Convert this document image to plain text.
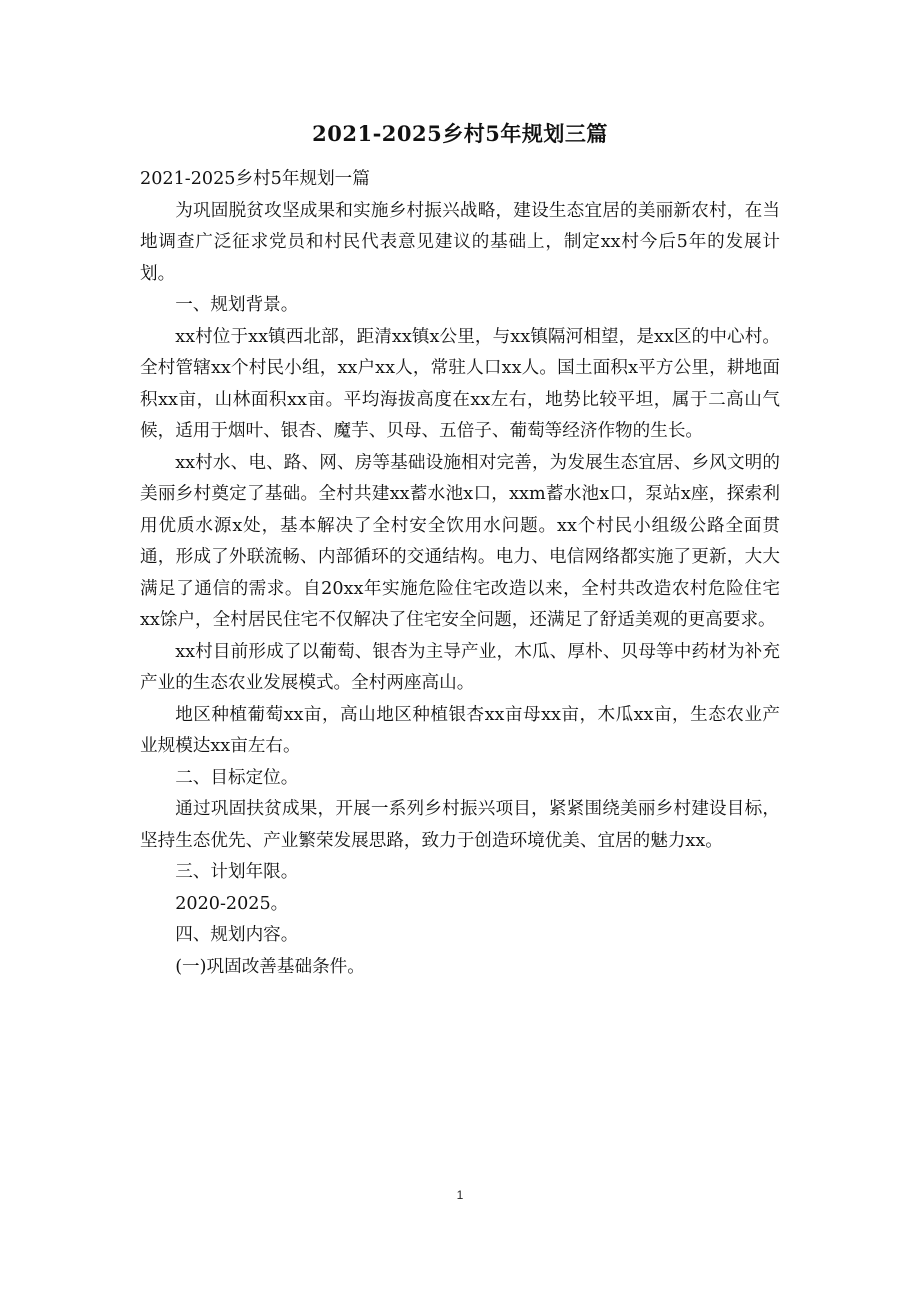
2021-2025乡村5年规划三篇

2021-2025乡村5年规划一篇

为巩固脱贫攻坚成果和实施乡村振兴战略，建设生态宜居的美丽新农村，在当地调查广泛征求党员和村民代表意见建议的基础上，制定xx村今后5年的发展计划。

一、规划背景。

xx村位于xx镇西北部，距清xx镇x公里，与xx镇隔河相望，是xx区的中心村。全村管辖xx个村民小组，xx户xx人，常驻人口xx人。国土面积x平方公里，耕地面积xx亩，山林面积xx亩。平均海拔高度在xx左右，地势比较平坦，属于二高山气候，适用于烟叶、银杏、魔芋、贝母、五倍子、葡萄等经济作物的生长。

xx村水、电、路、网、房等基础设施相对完善，为发展生态宜居、乡风文明的美丽乡村奠定了基础。全村共建xx蓄水池x口，xxm蓄水池x口，泵站x座，探索利用优质水源x处，基本解决了全村安全饮用水问题。xx个村民小组级公路全面贯通，形成了外联流畅、内部循环的交通结构。电力、电信网络都实施了更新，大大满足了通信的需求。自20xx年实施危险住宅改造以来，全村共改造农村危险住宅xx馀户，全村居民住宅不仅解决了住宅安全问题，还满足了舒适美观的更高要求。

xx村目前形成了以葡萄、银杏为主导产业，木瓜、厚朴、贝母等中药材为补充产业的生态农业发展模式。全村两座高山。

地区种植葡萄xx亩，高山地区种植银杏xx亩母xx亩，木瓜xx亩，生态农业产业规模达xx亩左右。

二、目标定位。

通过巩固扶贫成果，开展一系列乡村振兴项目，紧紧围绕美丽乡村建设目标，坚持生态优先、产业繁荣发展思路，致力于创造环境优美、宜居的魅力xx。

三、计划年限。

2020-2025。

四、规划内容。

(一)巩固改善基础条件。

1
